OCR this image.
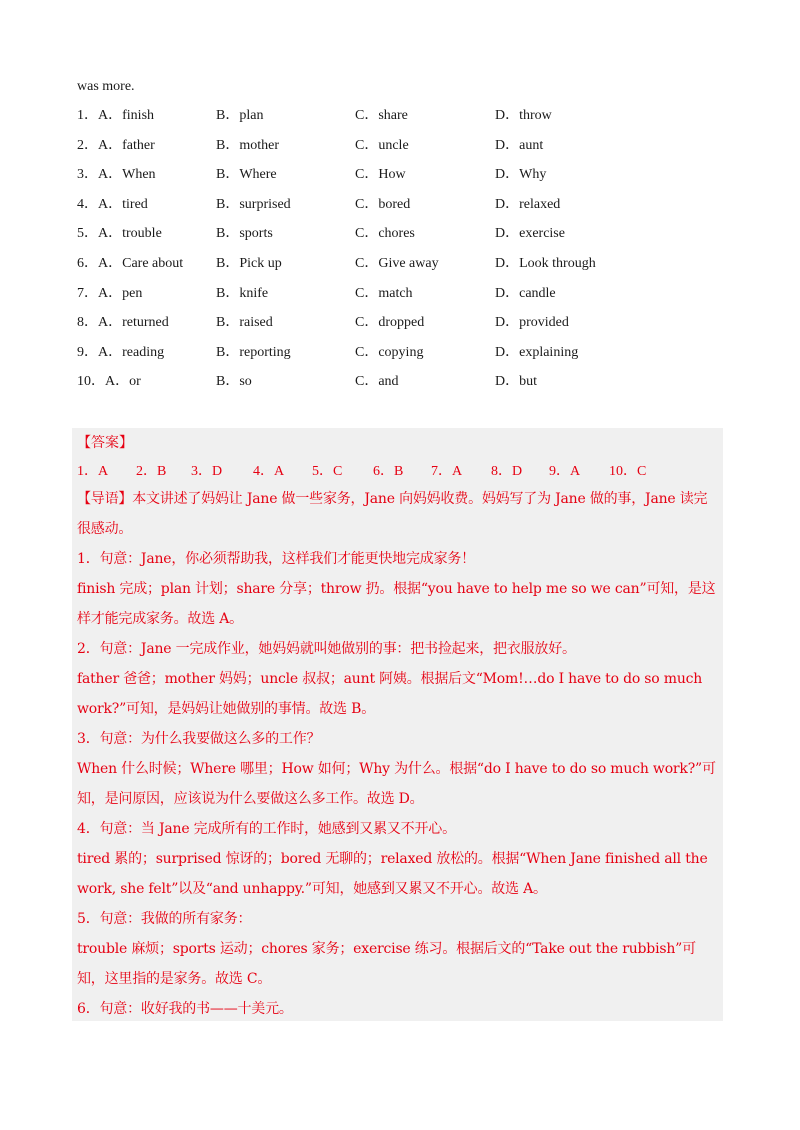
was more.
1．A．finish	B．plan	C．share	D．throw
2．A．father	B．mother	C．uncle	D．aunt
3．A．When	B．Where	C．How	D．Why
4．A．tired	B．surprised	C．bored	D．relaxed
5．A．trouble	B．sports	C．chores	D．exercise
6．A．Care about B．Pick up	C．Give away	D．Look through
7．A．pen	B．knife	C．match	D．candle
8．A．returned	B．raised	C．dropped	D．provided
9．A．reading	B．reporting	C．copying	D．explaining
10．A．or	B．so	C．and	D．but
【答案】
1．A 2．B 3．D 4．A 5．C 6．B 7．A 8．D 9．A 10．C
【导语】本文讲述了妈妈让 Jane 做一些家务，Jane 向妈妈收费。妈妈写了为 Jane 做的事，Jane 读完很感动。
1．句意：Jane，你必须帮助我，这样我们才能更快地完成家务！
finish 完成；plan 计划；share 分享；throw 扔。根据“you have to help me so we can”可知，是这样才能完成家务。故选 A。
2．句意：Jane 一完成作业，她妈妈就叫她做别的事：把书捡起来，把衣服放好。
father 爸爸；mother 妈妈；uncle 叔叔；aunt 阿姨。根据后文“Mom!…do I have to do so much work?”可知，是妈妈让她做别的事情。故选 B。
3．句意：为什么我要做这么多的工作？
When 什么时候；Where 哪里；How 如何；Why 为什么。根据“do I have to do so much work?”可知，是问原因，应该说为什么要做这么多工作。故选 D。
4．句意：当 Jane 完成所有的工作时，她感到又累又不开心。
tired 累的；surprised 惊讶的；bored 无聊的；relaxed 放松的。根据“When Jane finished all the work, she felt”以及“and unhappy.”可知，她感到又累又不开心。故选 A。
5．句意：我做的所有家务：
trouble 麻烦；sports 运动；chores 家务；exercise 练习。根据后文的“Take out the rubbish”可知，这里指的是家务。故选 C。
6．句意：收好我的书——十美元。
